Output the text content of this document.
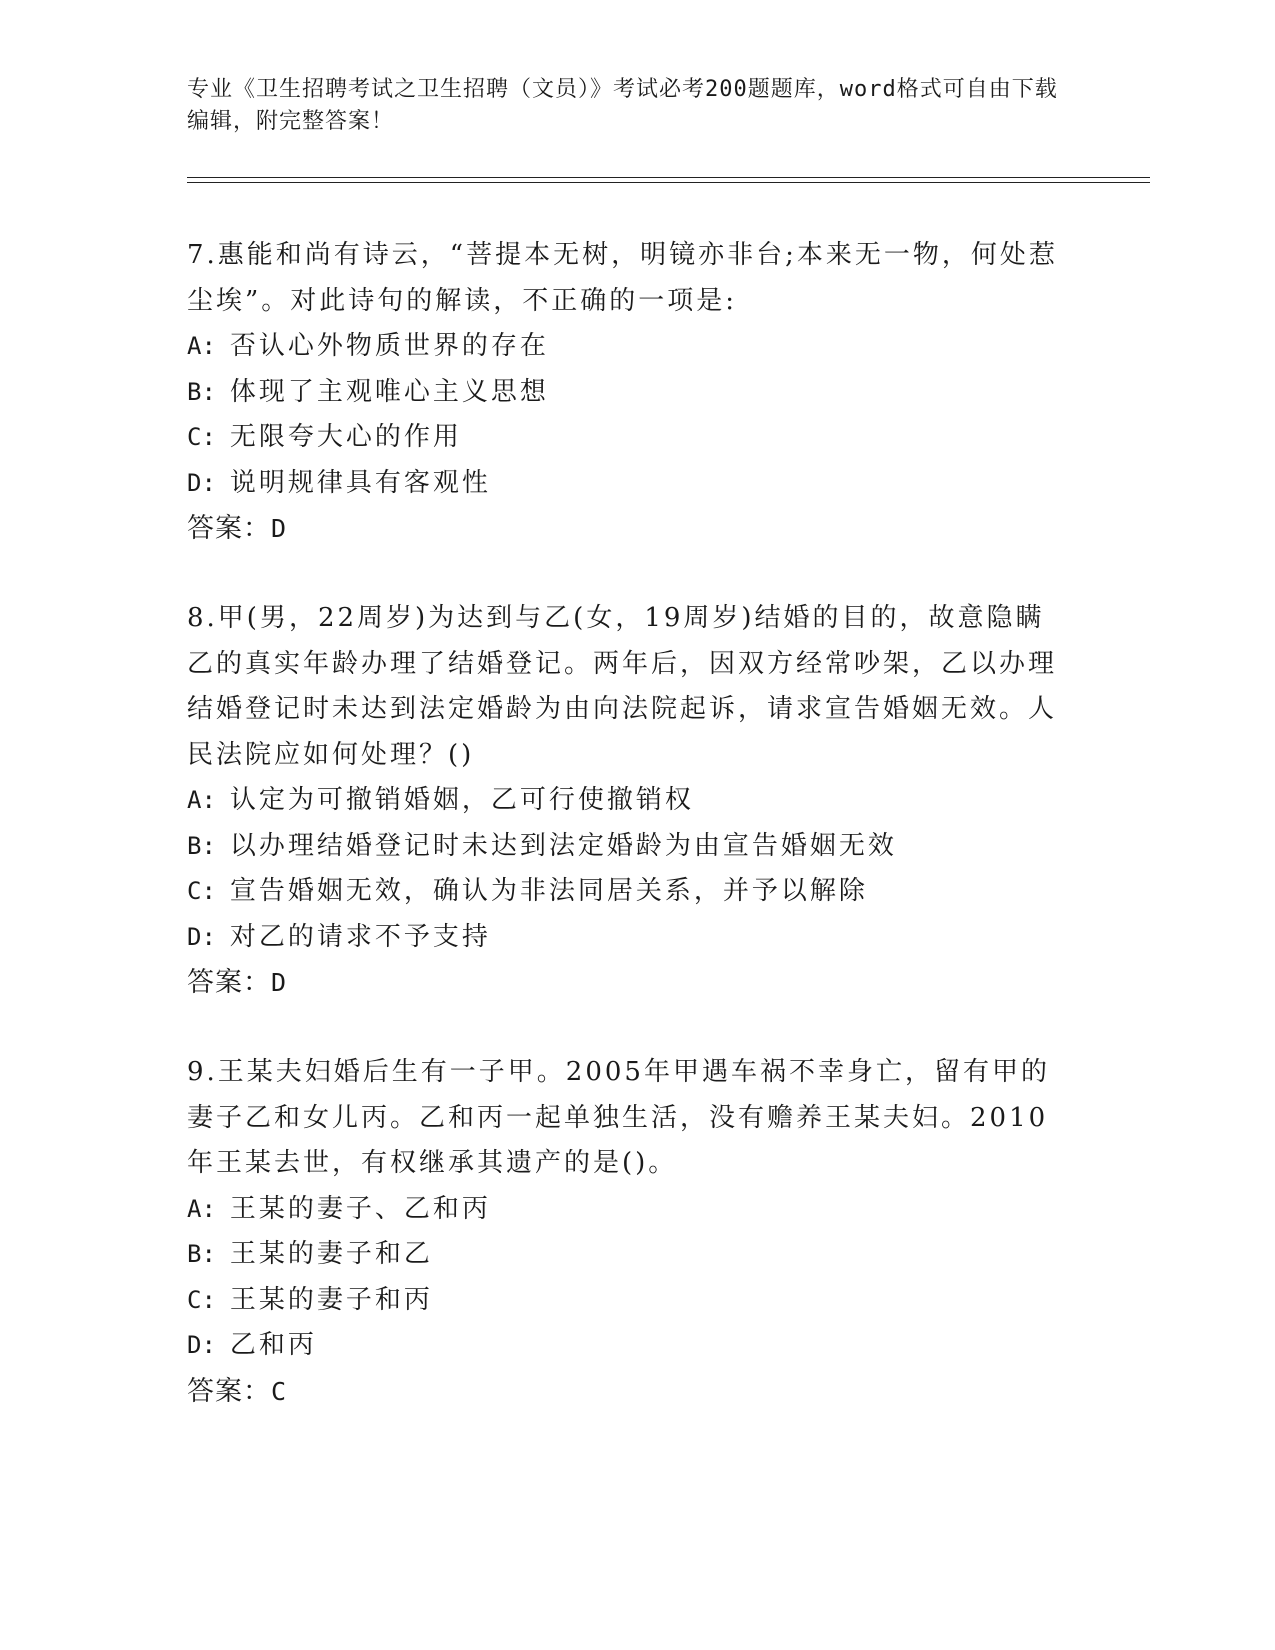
专业《卫生招聘考试之卫生招聘（文员）》考试必考200题题库，word格式可自由下载编辑，附完整答案！

7.惠能和尚有诗云，“菩提本无树，明镜亦非台;本来无一物，何处惹尘埃”。对此诗句的解读，不正确的一项是:

A: 否认心外物质世界的存在

B: 体现了主观唯心主义思想

C: 无限夸大心的作用

D: 说明规律具有客观性

答案：D

8.甲(男，22周岁)为达到与乙(女，19周岁)结婚的目的，故意隐瞒乙的真实年龄办理了结婚登记。两年后，因双方经常吵架，乙以办理结婚登记时未达到法定婚龄为由向法院起诉，请求宣告婚姻无效。人民法院应如何处理？()

A: 认定为可撤销婚姻，乙可行使撤销权

B: 以办理结婚登记时未达到法定婚龄为由宣告婚姻无效

C: 宣告婚姻无效，确认为非法同居关系，并予以解除

D: 对乙的请求不予支持

答案：D

9.王某夫妇婚后生有一子甲。2005年甲遇车祸不幸身亡，留有甲的妻子乙和女儿丙。乙和丙一起单独生活，没有赡养王某夫妇。2010年王某去世，有权继承其遗产的是()。

A: 王某的妻子、乙和丙

B: 王某的妻子和乙

C: 王某的妻子和丙

D: 乙和丙

答案：C
